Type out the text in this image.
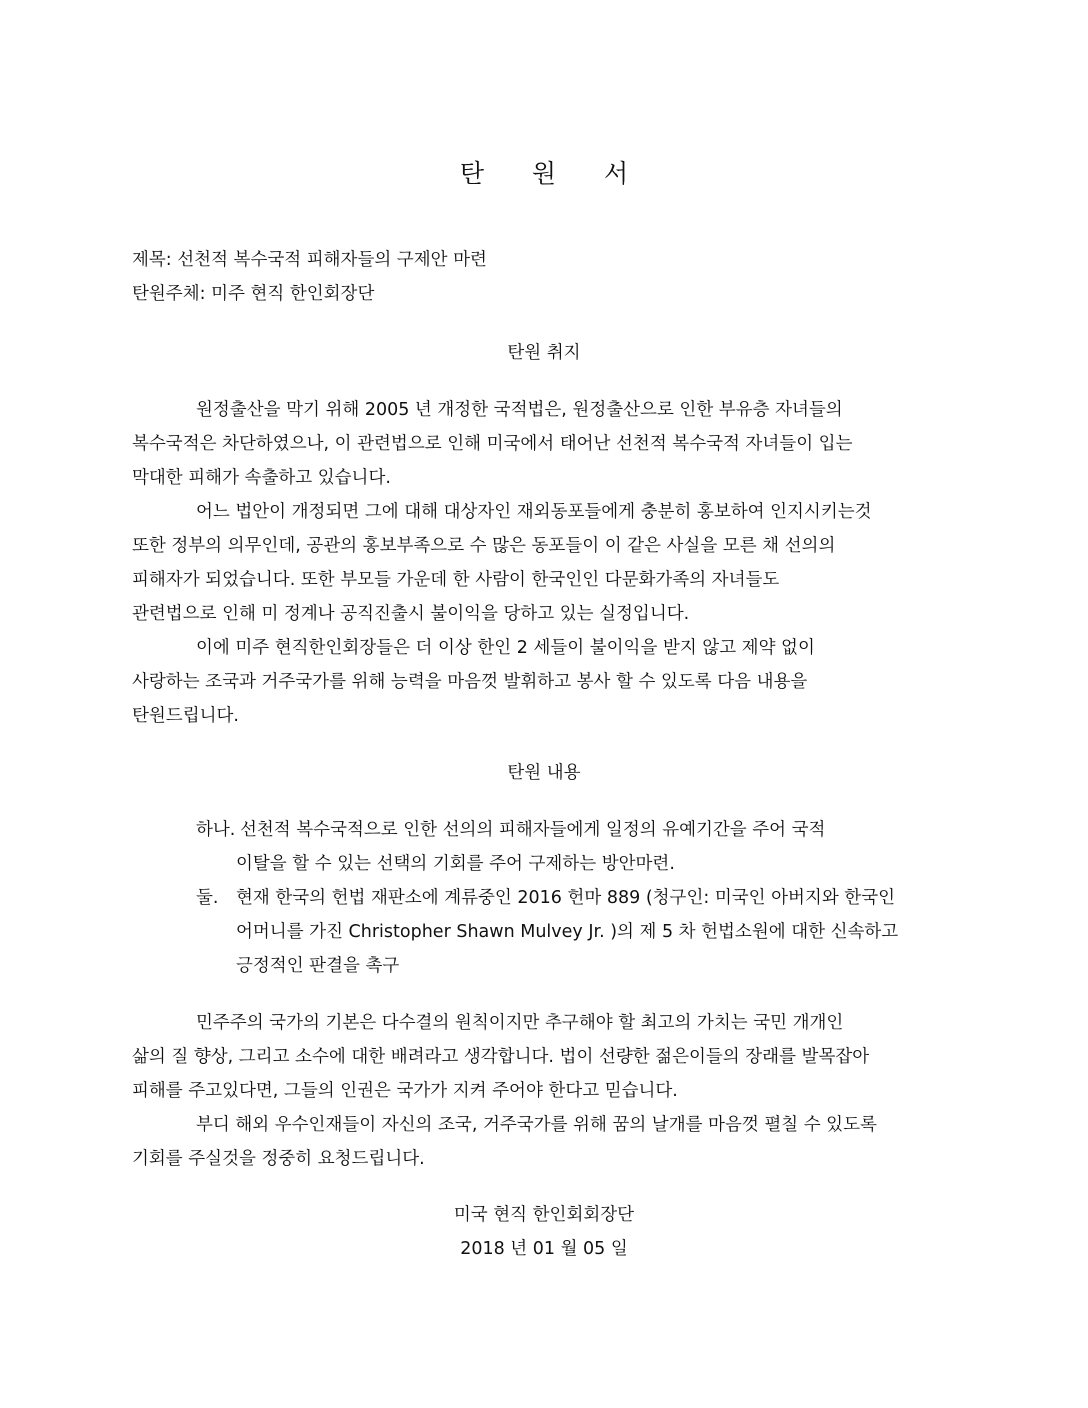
탄 원 서
제목: 선천적 복수국적 피해자들의 구제안 마련
탄원주체: 미주 현직 한인회장단
탄원 취지
원정출산을 막기 위해 2005 년 개정한 국적법은, 원정출산으로 인한 부유층 자녀들의
복수국적은 차단하였으나, 이 관련법으로 인해 미국에서 태어난 선천적 복수국적 자녀들이 입는
막대한 피해가 속출하고 있습니다.
어느 법안이 개정되면 그에 대해 대상자인 재외동포들에게 충분히 홍보하여 인지시키는것
또한 정부의 의무인데, 공관의 홍보부족으로 수 많은 동포들이 이 같은 사실을 모른 채 선의의
피해자가 되었습니다. 또한 부모들 가운데 한 사람이 한국인인 다문화가족의 자녀들도
관련법으로 인해 미 정계나 공직진출시 불이익을 당하고 있는 실정입니다.
이에 미주 현직한인회장들은 더 이상 한인 2 세들이 불이익을 받지 않고 제약 없이
사랑하는 조국과 거주국가를 위해 능력을 마음껏 발휘하고 봉사 할 수 있도록 다음 내용을
탄원드립니다.
탄원 내용
하나. 선천적 복수국적으로 인한 선의의 피해자들에게 일정의 유예기간을 주어 국적
이탈을 할 수 있는 선택의 기회를 주어 구제하는 방안마련.
둘. 현재 한국의 헌법 재판소에 계류중인 2016 헌마 889 (청구인: 미국인 아버지와 한국인
어머니를 가진 Christopher Shawn Mulvey Jr. )의 제 5 차 헌법소원에 대한 신속하고
긍정적인 판결을 촉구
민주주의 국가의 기본은 다수결의 원칙이지만 추구해야 할 최고의 가치는 국민 개개인
삶의 질 향상, 그리고 소수에 대한 배려라고 생각합니다. 법이 선량한 젊은이들의 장래를 발목잡아
피해를 주고있다면, 그들의 인권은 국가가 지켜 주어야 한다고 믿습니다.
부디 해외 우수인재들이 자신의 조국, 거주국가를 위해 꿈의 날개를 마음껏 펼칠 수 있도록
기회를 주실것을 정중히 요청드립니다.
미국 현직 한인회회장단
2018 년 01 월 05 일
